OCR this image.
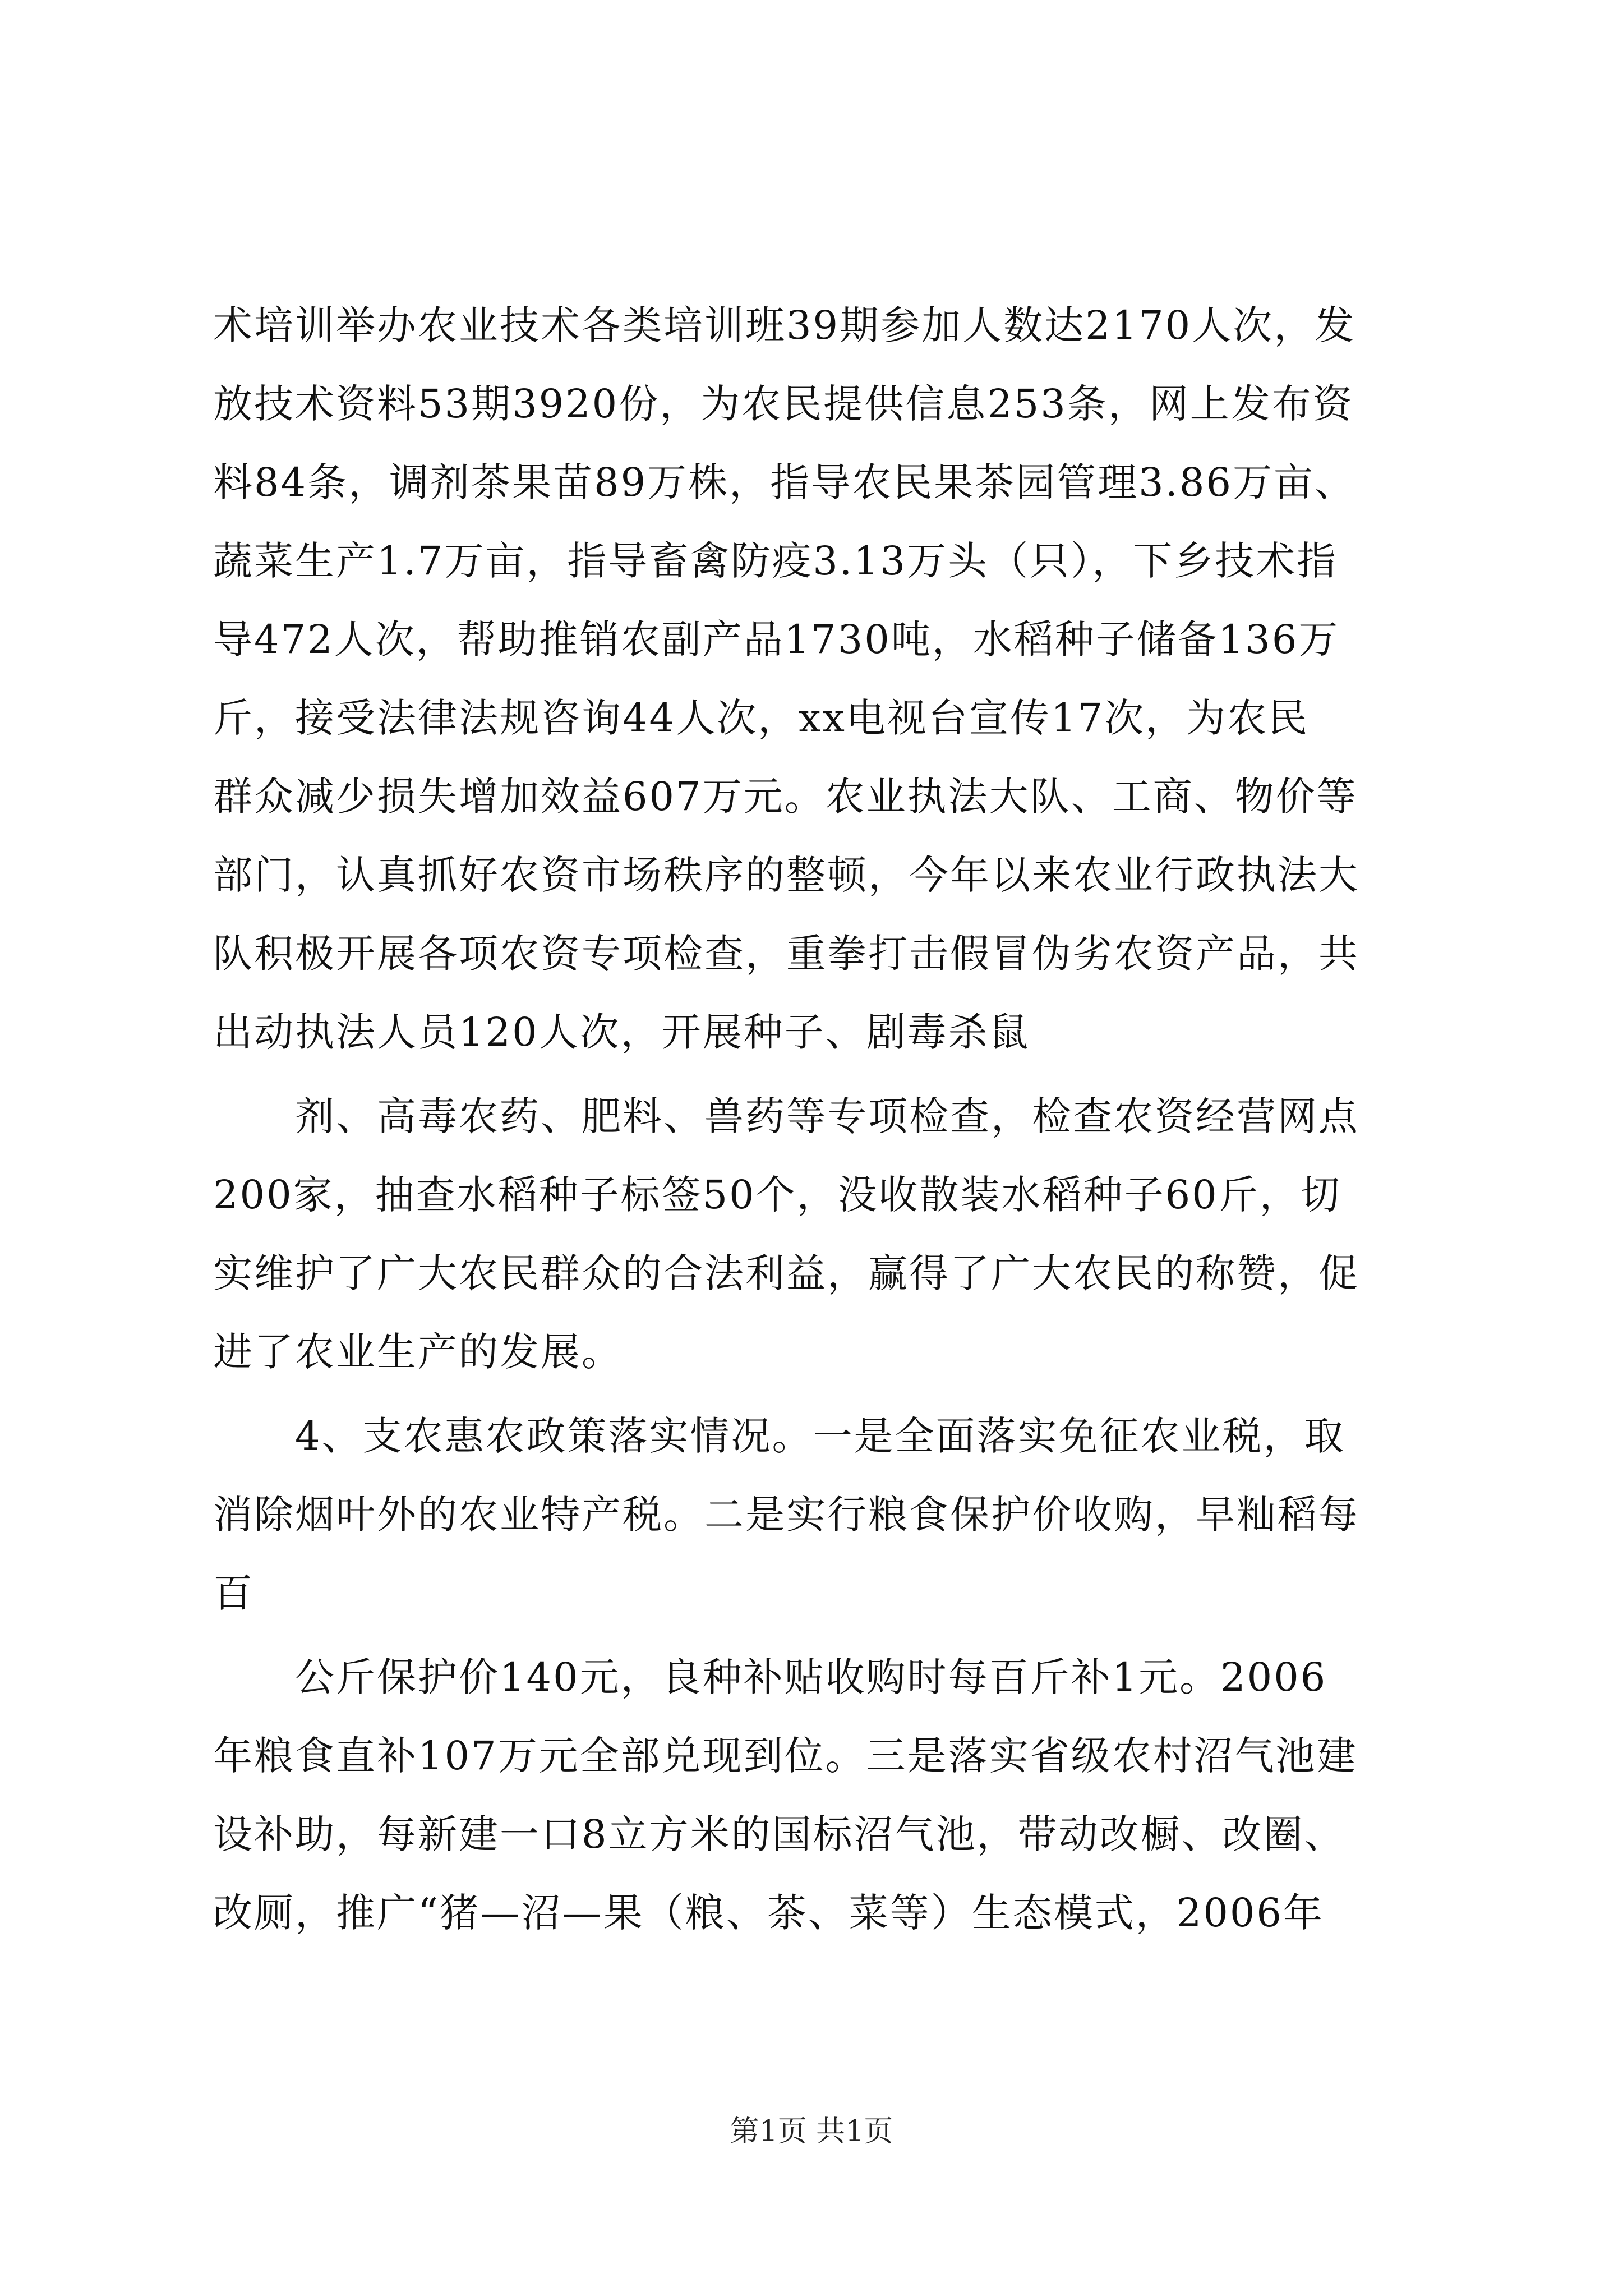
术培训举办农业技术各类培训班39期参加人数达2170人次，发
放技术资料53期3920份，为农民提供信息253条，网上发布资
料84条，调剂茶果苗89万株，指导农民果茶园管理3.86万亩、
蔬菜生产1.7万亩，指导畜禽防疫3.13万头（只），下乡技术指
导472人次，帮助推销农副产品1730吨，水稻种子储备136万
斤，接受法律法规咨询44人次，xx电视台宣传17次，为农民
群众减少损失增加效益607万元。农业执法大队、工商、物价等
部门，认真抓好农资市场秩序的整顿，今年以来农业行政执法大
队积极开展各项农资专项检查，重拳打击假冒伪劣农资产品，共
出动执法人员120人次，开展种子、剧毒杀鼠
剂、高毒农药、肥料、兽药等专项检查，检查农资经营网点
200家，抽查水稻种子标签50个，没收散装水稻种子60斤，切
实维护了广大农民群众的合法利益，赢得了广大农民的称赞，促
进了农业生产的发展。
4、支农惠农政策落实情况。一是全面落实免征农业税，取
消除烟叶外的农业特产税。二是实行粮食保护价收购，早籼稻每
百
公斤保护价140元，良种补贴收购时每百斤补1元。2006
年粮食直补107万元全部兑现到位。三是落实省级农村沼气池建
设补助，每新建一口8立方米的国标沼气池，带动改橱、改圈、
改厕，推广“猪—沼—果（粮、茶、菜等）生态模式，2006年
第1页 共1页
